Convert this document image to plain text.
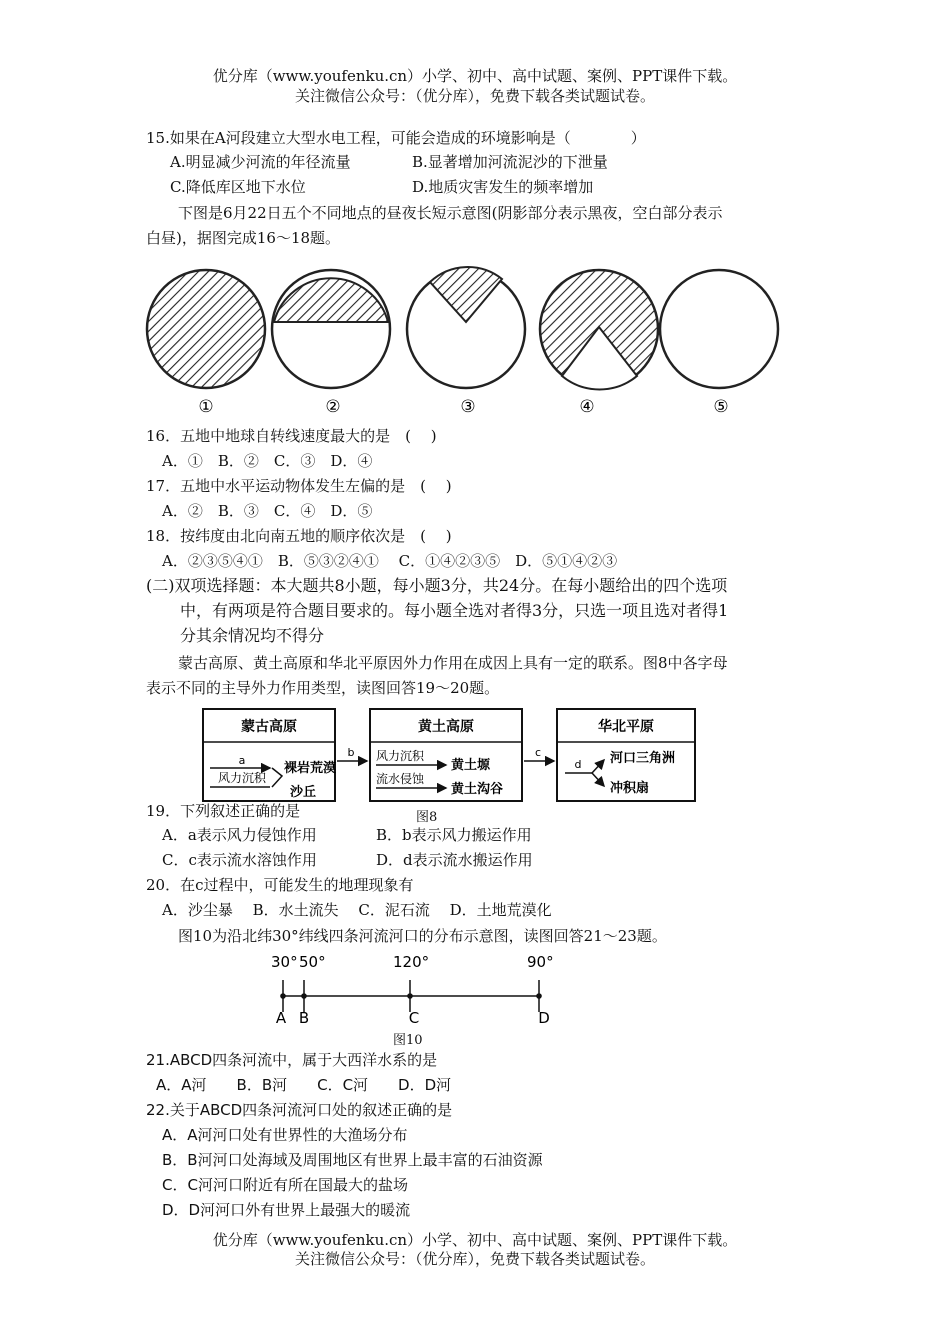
优分库（www.youfenku.cn）小学、初中、高中试题、案例、PPT课件下载。
关注微信公众号：（优分库），免费下载各类试题试卷。
15.如果在A河段建立大型水电工程，可能会造成的环境影响是（　　　　）
A.明显减少河流的年径流量	B.显著增加河流泥沙的下泄量
C.降低库区地下水位	D.地质灾害发生的频率增加
下图是6月22日五个不同地点的昼夜长短示意图(阴影部分表示黑夜，空白部分表示
白昼)，据图完成16～18题。
①	②	③	④	⑤
16．五地中地球自转线速度最大的是　( 　)
A．①　B．②　C．③　D．④
17．五地中水平运动物体发生左偏的是　( 　)
A．②　B．③　C．④　D．⑤
18．按纬度由北向南五地的顺序依次是　( 　)
A．②③⑤④①　B．⑤③②④①　 C．①④②③⑤　D．⑤①④②③
(二)双项选择题：本大题共8小题，每小题3分，共24分。在每小题给出的四个选项
中，有两项是符合题目要求的。每小题全选对者得3分，只选一项且选对者得1
分其余情况均不得分
蒙古高原、黄土高原和华北平原因外力作用在成因上具有一定的联系。图8中各字母
表示不同的主导外力作用类型，读图回答19～20题。
蒙古高原
a
风力沉积
裸岩荒漠
沙丘
b
黄土高原
风力沉积
流水侵蚀
黄土塬
黄土沟谷
c
华北平原
d 河口三角洲
冲积扇
19．下列叙述正确的是	图8
A．a表示风力侵蚀作用	B．b表示风力搬运作用
C．c表示流水溶蚀作用	D．d表示流水搬运作用
20．在c过程中，可能发生的地理现象有
A．沙尘暴　 B．水土流失　 C．泥石流　 D．土地荒漠化
图10为沿北纬30°纬线四条河流河口的分布示意图，读图回答21～23题。
30° 50°	120°	90°
A B	C	D
图10
21.ABCD四条河流中，属于大西洋水系的是
A．A河　　B．B河　　C．C河　　D．D河
22.关于ABCD四条河流河口处的叙述正确的是
A．A河河口处有世界性的大渔场分布
B．B河河口处海域及周围地区有世界上最丰富的石油资源
C．C河河口附近有所在国最大的盐场
D．D河河口外有世界上最强大的暖流
优分库（www.youfenku.cn）小学、初中、高中试题、案例、PPT课件下载。
关注微信公众号：（优分库），免费下载各类试题试卷。
